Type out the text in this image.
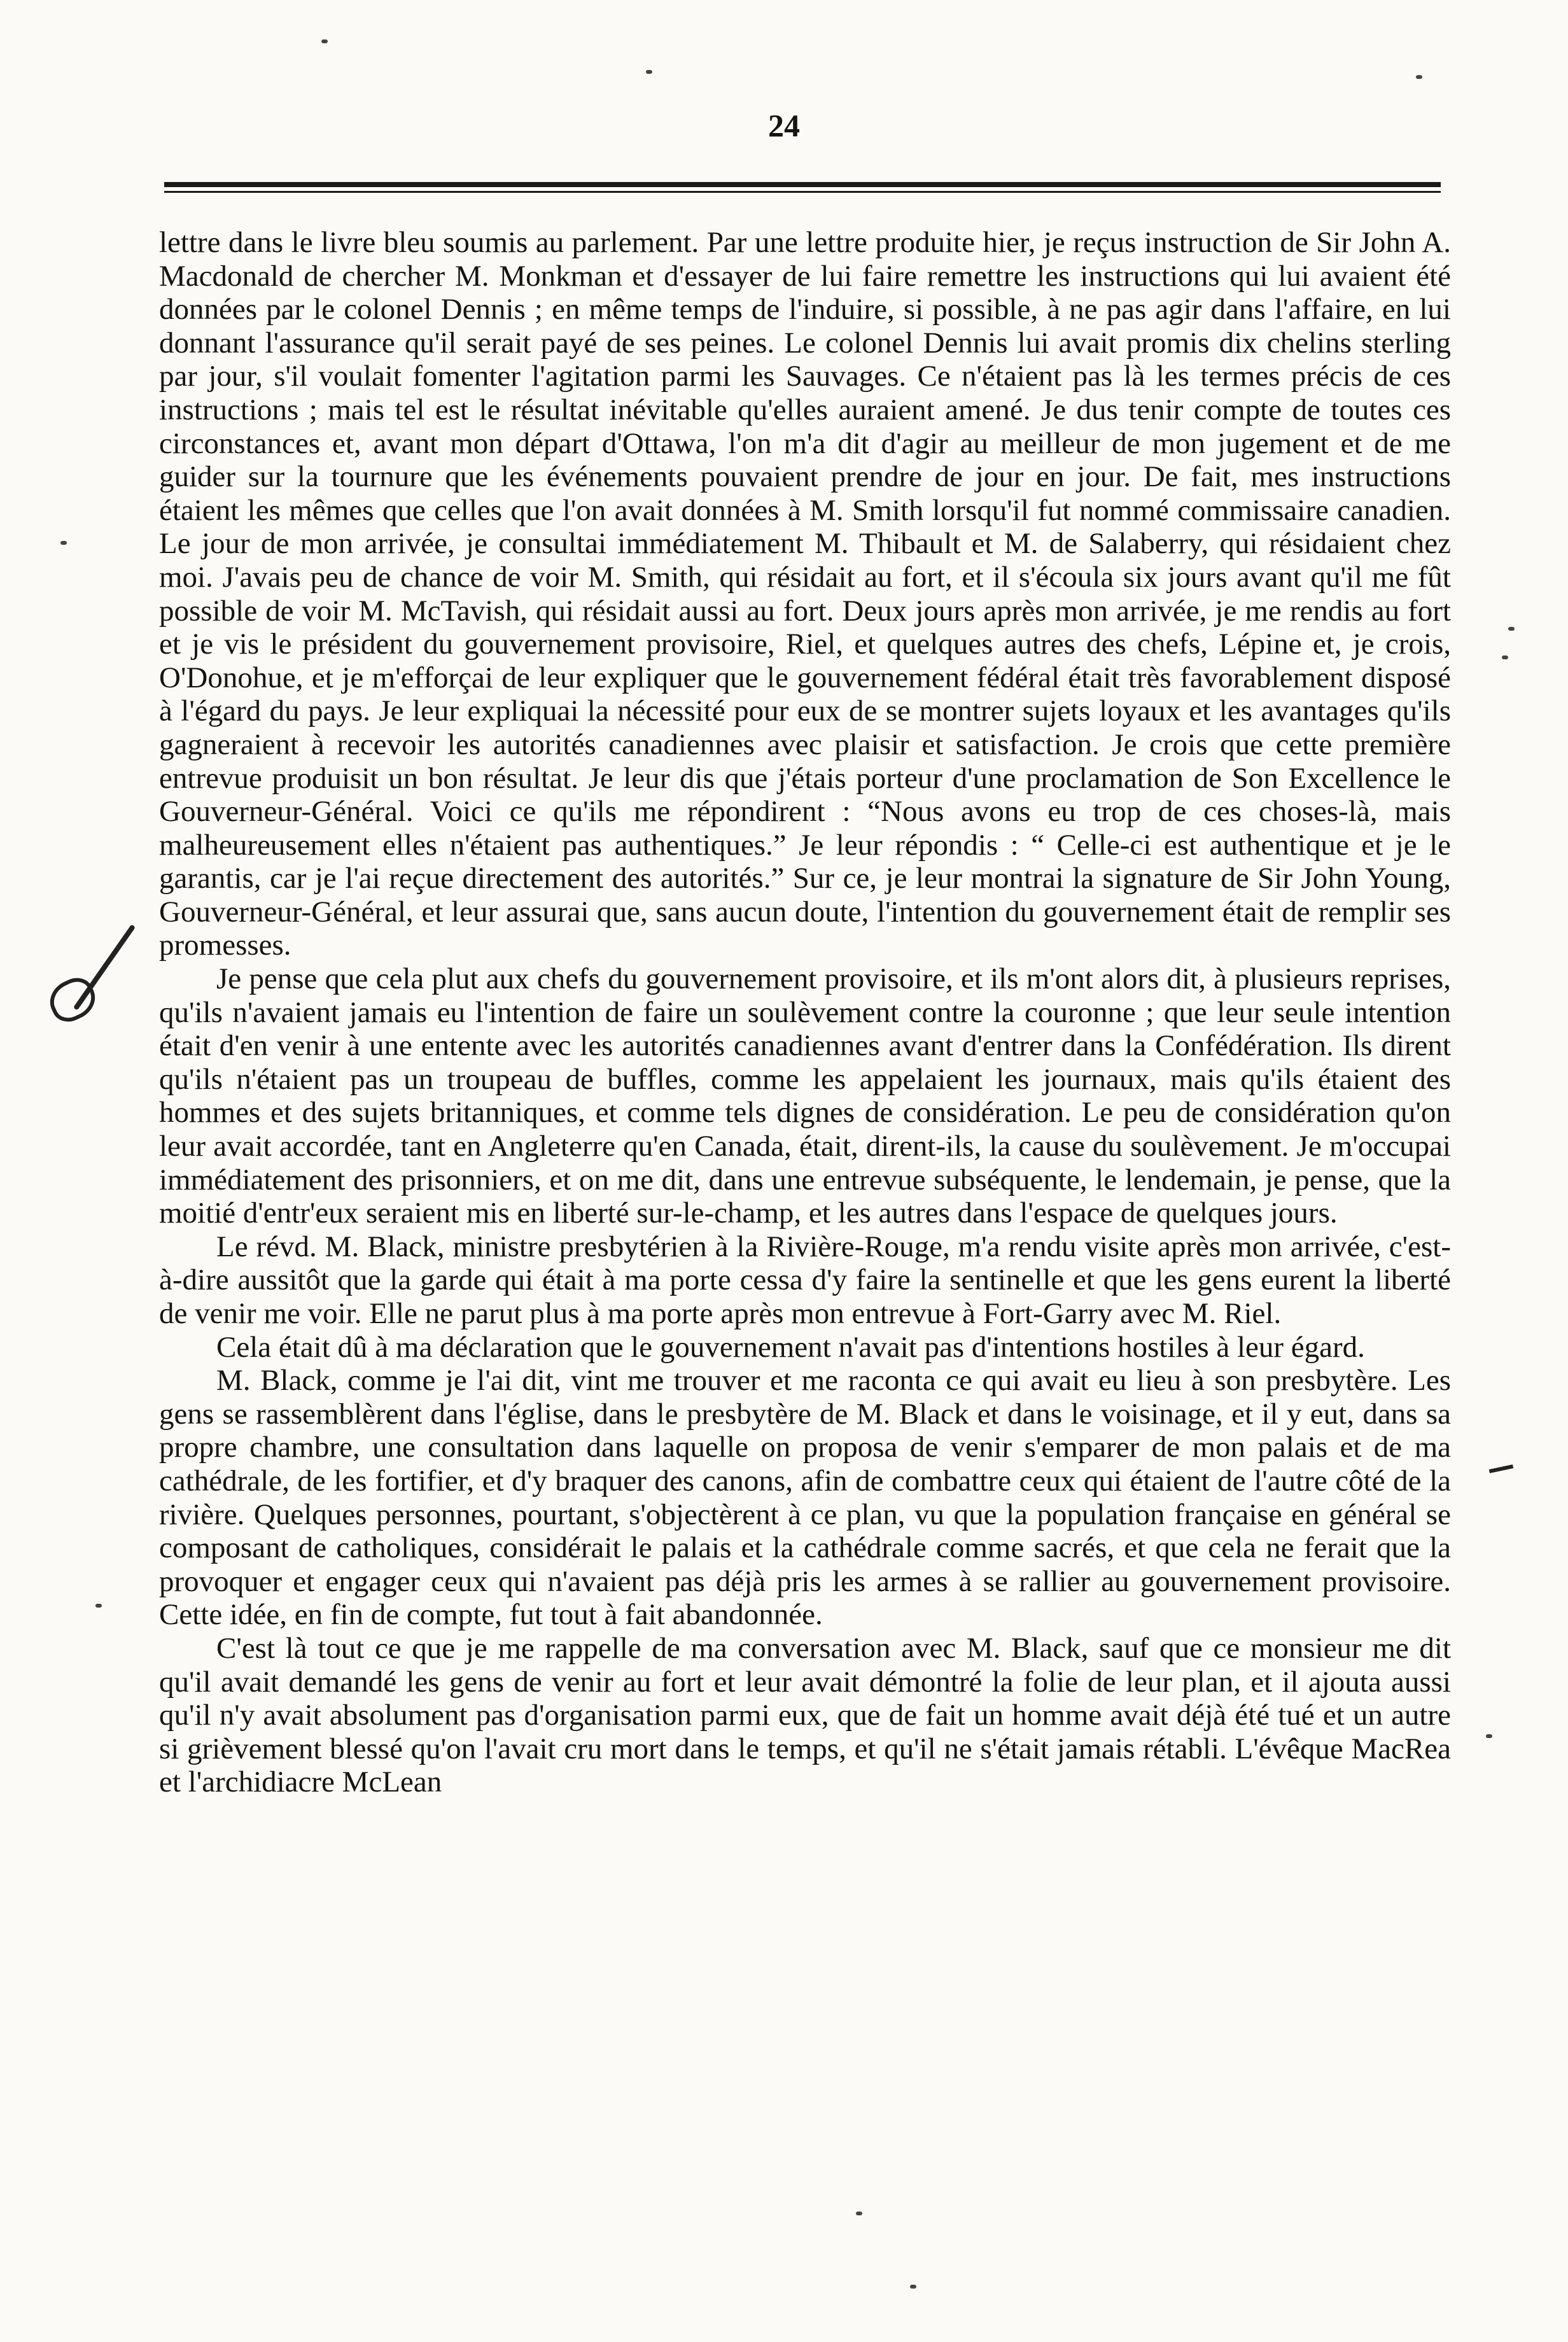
24

lettre dans le livre bleu soumis au parlement. Par une lettre produite hier, je reçus instruction de Sir John A. Macdonald de chercher M. Monkman et d'essayer de lui faire remettre les instructions qui lui avaient été données par le colonel Dennis ; en même temps de l'induire, si possible, à ne pas agir dans l'affaire, en lui donnant l'assurance qu'il serait payé de ses peines. Le colonel Dennis lui avait promis dix chelins sterling par jour, s'il voulait fomenter l'agitation parmi les Sauvages. Ce n'étaient pas là les termes précis de ces instructions ; mais tel est le résultat inévitable qu'elles auraient amené. Je dus tenir compte de toutes ces circonstances et, avant mon départ d'Ottawa, l'on m'a dit d'agir au meilleur de mon jugement et de me guider sur la tournure que les événements pouvaient prendre de jour en jour. De fait, mes instructions étaient les mêmes que celles que l'on avait données à M. Smith lorsqu'il fut nommé commissaire canadien. Le jour de mon arrivée, je consultai immédiatement M. Thibault et M. de Salaberry, qui résidaient chez moi. J'avais peu de chance de voir M. Smith, qui résidait au fort, et il s'écoula six jours avant qu'il me fût possible de voir M. McTavish, qui résidait aussi au fort. Deux jours après mon arrivée, je me rendis au fort et je vis le président du gouvernement provisoire, Riel, et quelques autres des chefs, Lépine et, je crois, O'Donohue, et je m'efforçai de leur expliquer que le gouvernement fédéral était très favorablement disposé à l'égard du pays. Je leur expliquai la nécessité pour eux de se montrer sujets loyaux et les avantages qu'ils gagneraient à recevoir les autorités canadiennes avec plaisir et satisfaction. Je crois que cette première entrevue produisit un bon résultat. Je leur dis que j'étais porteur d'une proclamation de Son Excellence le Gouverneur-Général. Voici ce qu'ils me répondirent : “Nous avons eu trop de ces choses-là, mais malheureusement elles n'étaient pas authentiques.” Je leur répondis : “ Celle-ci est authentique et je le garantis, car je l'ai reçue directement des autorités.” Sur ce, je leur montrai la signature de Sir John Young, Gouverneur-Général, et leur assurai que, sans aucun doute, l'intention du gouvernement était de remplir ses promesses.

Je pense que cela plut aux chefs du gouvernement provisoire, et ils m'ont alors dit, à plusieurs reprises, qu'ils n'avaient jamais eu l'intention de faire un soulèvement contre la couronne ; que leur seule intention était d'en venir à une entente avec les autorités canadiennes avant d'entrer dans la Confédération. Ils dirent qu'ils n'étaient pas un troupeau de buffles, comme les appelaient les journaux, mais qu'ils étaient des hommes et des sujets britanniques, et comme tels dignes de considération. Le peu de considération qu'on leur avait accordée, tant en Angleterre qu'en Canada, était, dirent-ils, la cause du soulèvement. Je m'occupai immédiatement des prisonniers, et on me dit, dans une entrevue subséquente, le lendemain, je pense, que la moitié d'entr'eux seraient mis en liberté sur-le-champ, et les autres dans l'espace de quelques jours.

Le révd. M. Black, ministre presbytérien à la Rivière-Rouge, m'a rendu visite après mon arrivée, c'est-à-dire aussitôt que la garde qui était à ma porte cessa d'y faire la sentinelle et que les gens eurent la liberté de venir me voir. Elle ne parut plus à ma porte après mon entrevue à Fort-Garry avec M. Riel.

Cela était dû à ma déclaration que le gouvernement n'avait pas d'intentions hostiles à leur égard.

M. Black, comme je l'ai dit, vint me trouver et me raconta ce qui avait eu lieu à son presbytère. Les gens se rassemblèrent dans l'église, dans le presbytère de M. Black et dans le voisinage, et il y eut, dans sa propre chambre, une consultation dans laquelle on proposa de venir s'emparer de mon palais et de ma cathédrale, de les fortifier, et d'y braquer des canons, afin de combattre ceux qui étaient de l'autre côté de la rivière. Quelques personnes, pourtant, s'objectèrent à ce plan, vu que la population française en général se composant de catholiques, considérait le palais et la cathédrale comme sacrés, et que cela ne ferait que la provoquer et engager ceux qui n'avaient pas déjà pris les armes à se rallier au gouvernement provisoire. Cette idée, en fin de compte, fut tout à fait abandonnée.

C'est là tout ce que je me rappelle de ma conversation avec M. Black, sauf que ce monsieur me dit qu'il avait demandé les gens de venir au fort et leur avait démontré la folie de leur plan, et il ajouta aussi qu'il n'y avait absolument pas d'organisation parmi eux, que de fait un homme avait déjà été tué et un autre si grièvement blessé qu'on l'avait cru mort dans le temps, et qu'il ne s'était jamais rétabli. L'évêque MacRea et l'archidiacre McLean
